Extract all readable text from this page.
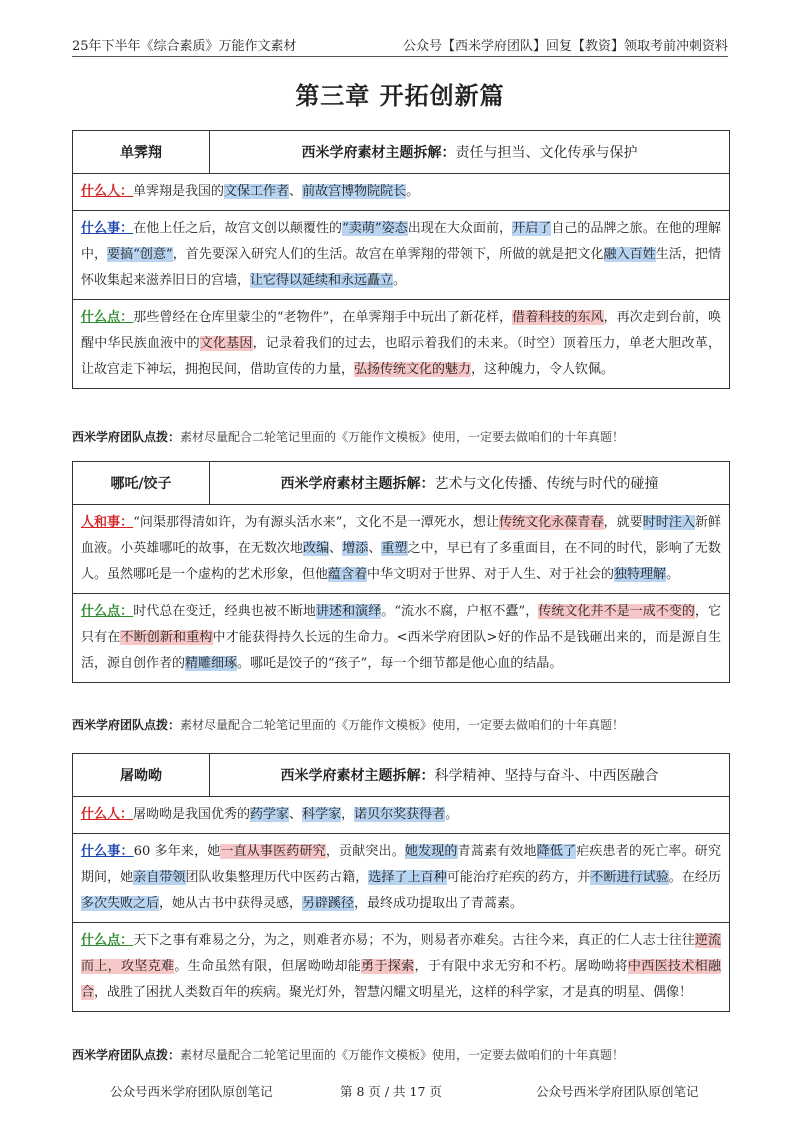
25年下半年《综合素质》万能作文素材	公众号【西米学府团队】回复【教资】领取考前冲刺资料
第三章 开拓创新篇
单霁翔	西米学府素材主题拆解： 责任与担当、文化传承与保护
什么人：单霁翔是我国的文保工作者、前故宫博物院院长。
什么事：在他上任之后，故宫文创以颠覆性的“卖萌”姿态出现在大众面前，开启了自己的品牌之旅。在他的理解中，要搞“创意”，首先要深入研究人们的生活。故宫在单霁翔的带领下，所做的就是把文化融入百姓生活，把情怀收集起来滋养旧日的宫墙，让它得以延续和永远矗立。
什么点：那些曾经在仓库里蒙尘的“老物件”，在单霁翔手中玩出了新花样，借着科技的东风，再次走到台前，唤醒中华民族血液中的文化基因，记录着我们的过去，也昭示着我们的未来。（时空）顶着压力，单老大胆改革，让故宫走下神坛，拥抱民间，借助宣传的力量，弘扬传统文化的魅力，这种魄力，令人钦佩。
西米学府团队点拨：素材尽量配合二轮笔记里面的《万能作文模板》使用，一定要去做咱们的十年真题！
哪吒/饺子	西米学府素材主题拆解： 艺术与文化传播、传统与时代的碰撞
人和事：“问渠那得清如许，为有源头活水来”，文化不是一潭死水，想让传统文化永葆青春，就要时时注入新鲜血液。小英雄哪吒的故事，在无数次地改编、增添、重塑之中，早已有了多重面目，在不同的时代，影响了无数人。虽然哪吒是一个虚构的艺术形象，但他蕴含着中华文明对于世界、对于人生、对于社会的独特理解。
什么点：时代总在变迁，经典也被不断地讲述和演绎。“流水不腐，户枢不蠹”，传统文化并不是一成不变的，它只有在不断创新和重构中才能获得持久长远的生命力。<西米学府团队>好的作品不是钱砸出来的，而是源自生活，源自创作者的精雕细琢。哪吒是饺子的“孩子”，每一个细节都是他心血的结晶。
西米学府团队点拨：素材尽量配合二轮笔记里面的《万能作文模板》使用，一定要去做咱们的十年真题！
屠呦呦	西米学府素材主题拆解： 科学精神、坚持与奋斗、中西医融合
什么人：屠呦呦是我国优秀的药学家、科学家，诺贝尔奖获得者。
什么事：60 多年来，她一直从事医药研究，贡献突出。她发现的青蒿素有效地降低了疟疾患者的死亡率。研究期间，她亲自带领团队收集整理历代中医药古籍，选择了上百种可能治疗疟疾的药方，并不断进行试验。在经历多次失败之后，她从古书中获得灵感，另辟蹊径，最终成功提取出了青蒿素。
什么点：天下之事有难易之分，为之，则难者亦易；不为，则易者亦难矣。古往今来，真正的仁人志士往往逆流而上，攻坚克难。生命虽然有限，但屠呦呦却能勇于探索，于有限中求无穷和不朽。屠呦呦将中西医技术相融合，战胜了困扰人类数百年的疾病。聚光灯外，智慧闪耀文明星光，这样的科学家，才是真的明星、偶像！
西米学府团队点拨：素材尽量配合二轮笔记里面的《万能作文模板》使用，一定要去做咱们的十年真题！
公众号西米学府团队原创笔记	第 8 页 / 共 17 页	公众号西米学府团队原创笔记
